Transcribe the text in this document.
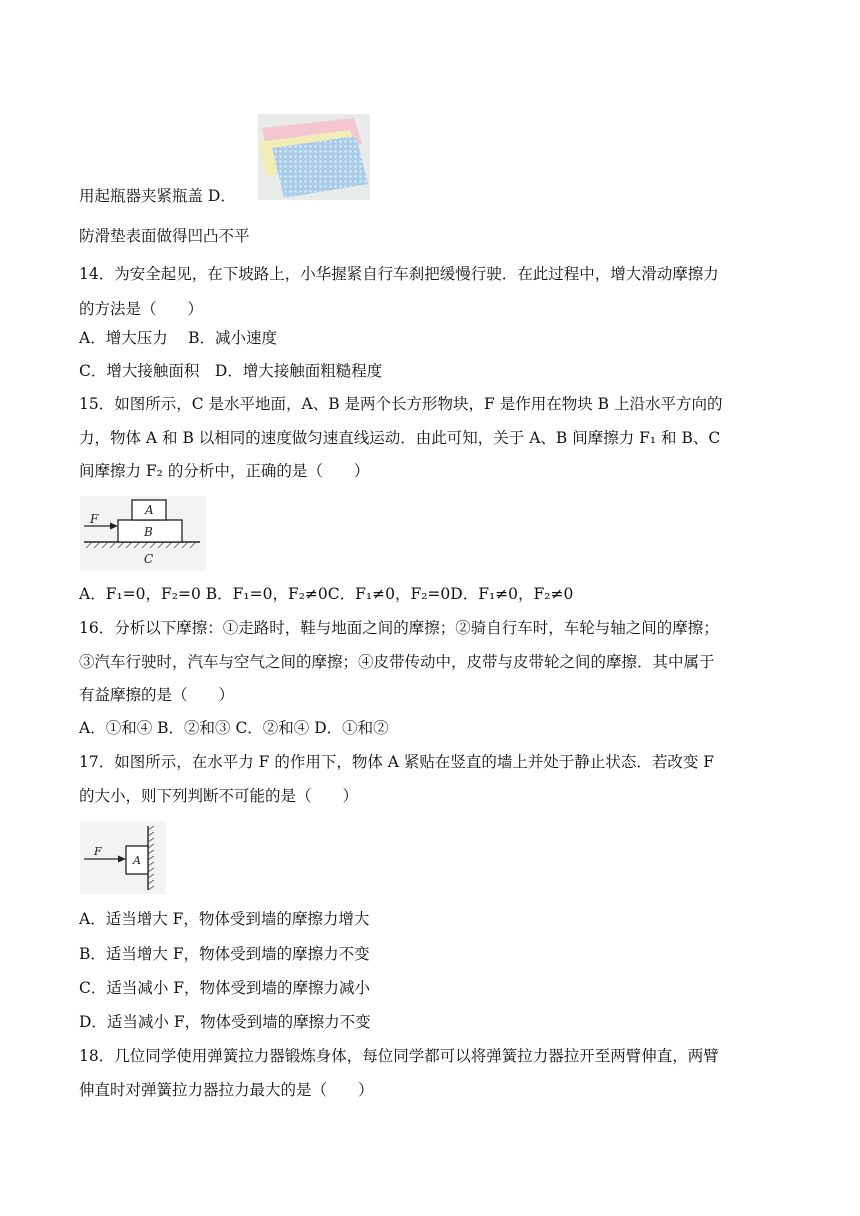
用起瓶器夹紧瓶盖 D．
防滑垫表面做得凹凸不平
14．为安全起见，在下坡路上，小华握紧自行车刹把缓慢行驶．在此过程中，增大滑动摩擦力
的方法是（　　）
A．增大压力　 B．减小速度
C．增大接触面积　D．增大接触面粗糙程度
15．如图所示，C 是水平地面，A、B 是两个长方形物块，F 是作用在物块 B 上沿水平方向的
力，物体 A 和 B 以相同的速度做匀速直线运动．由此可知，关于 A、B 间摩擦力 F₁ 和 B、C
间摩擦力 F₂ 的分析中，正确的是（　　）
F
A
B
C
A．F₁=0，F₂=0 B．F₁=0，F₂≠0C．F₁≠0，F₂=0D．F₁≠0，F₂≠0
16．分析以下摩擦：①走路时，鞋与地面之间的摩擦；②骑自行车时，车轮与轴之间的摩擦；
③汽车行驶时，汽车与空气之间的摩擦；④皮带传动中，皮带与皮带轮之间的摩擦．其中属于
有益摩擦的是（　　）
A．①和④ B．②和③ C．②和④ D．①和②
17．如图所示，在水平力 F 的作用下，物体 A 紧贴在竖直的墙上并处于静止状态．若改变 F
的大小，则下列判断不可能的是（　　）
F
A
A．适当增大 F，物体受到墙的摩擦力增大
B．适当增大 F，物体受到墙的摩擦力不变
C．适当减小 F，物体受到墙的摩擦力减小
D．适当减小 F，物体受到墙的摩擦力不变
18．几位同学使用弹簧拉力器锻炼身体，每位同学都可以将弹簧拉力器拉开至两臂伸直，两臂
伸直时对弹簧拉力器拉力最大的是（　　）
